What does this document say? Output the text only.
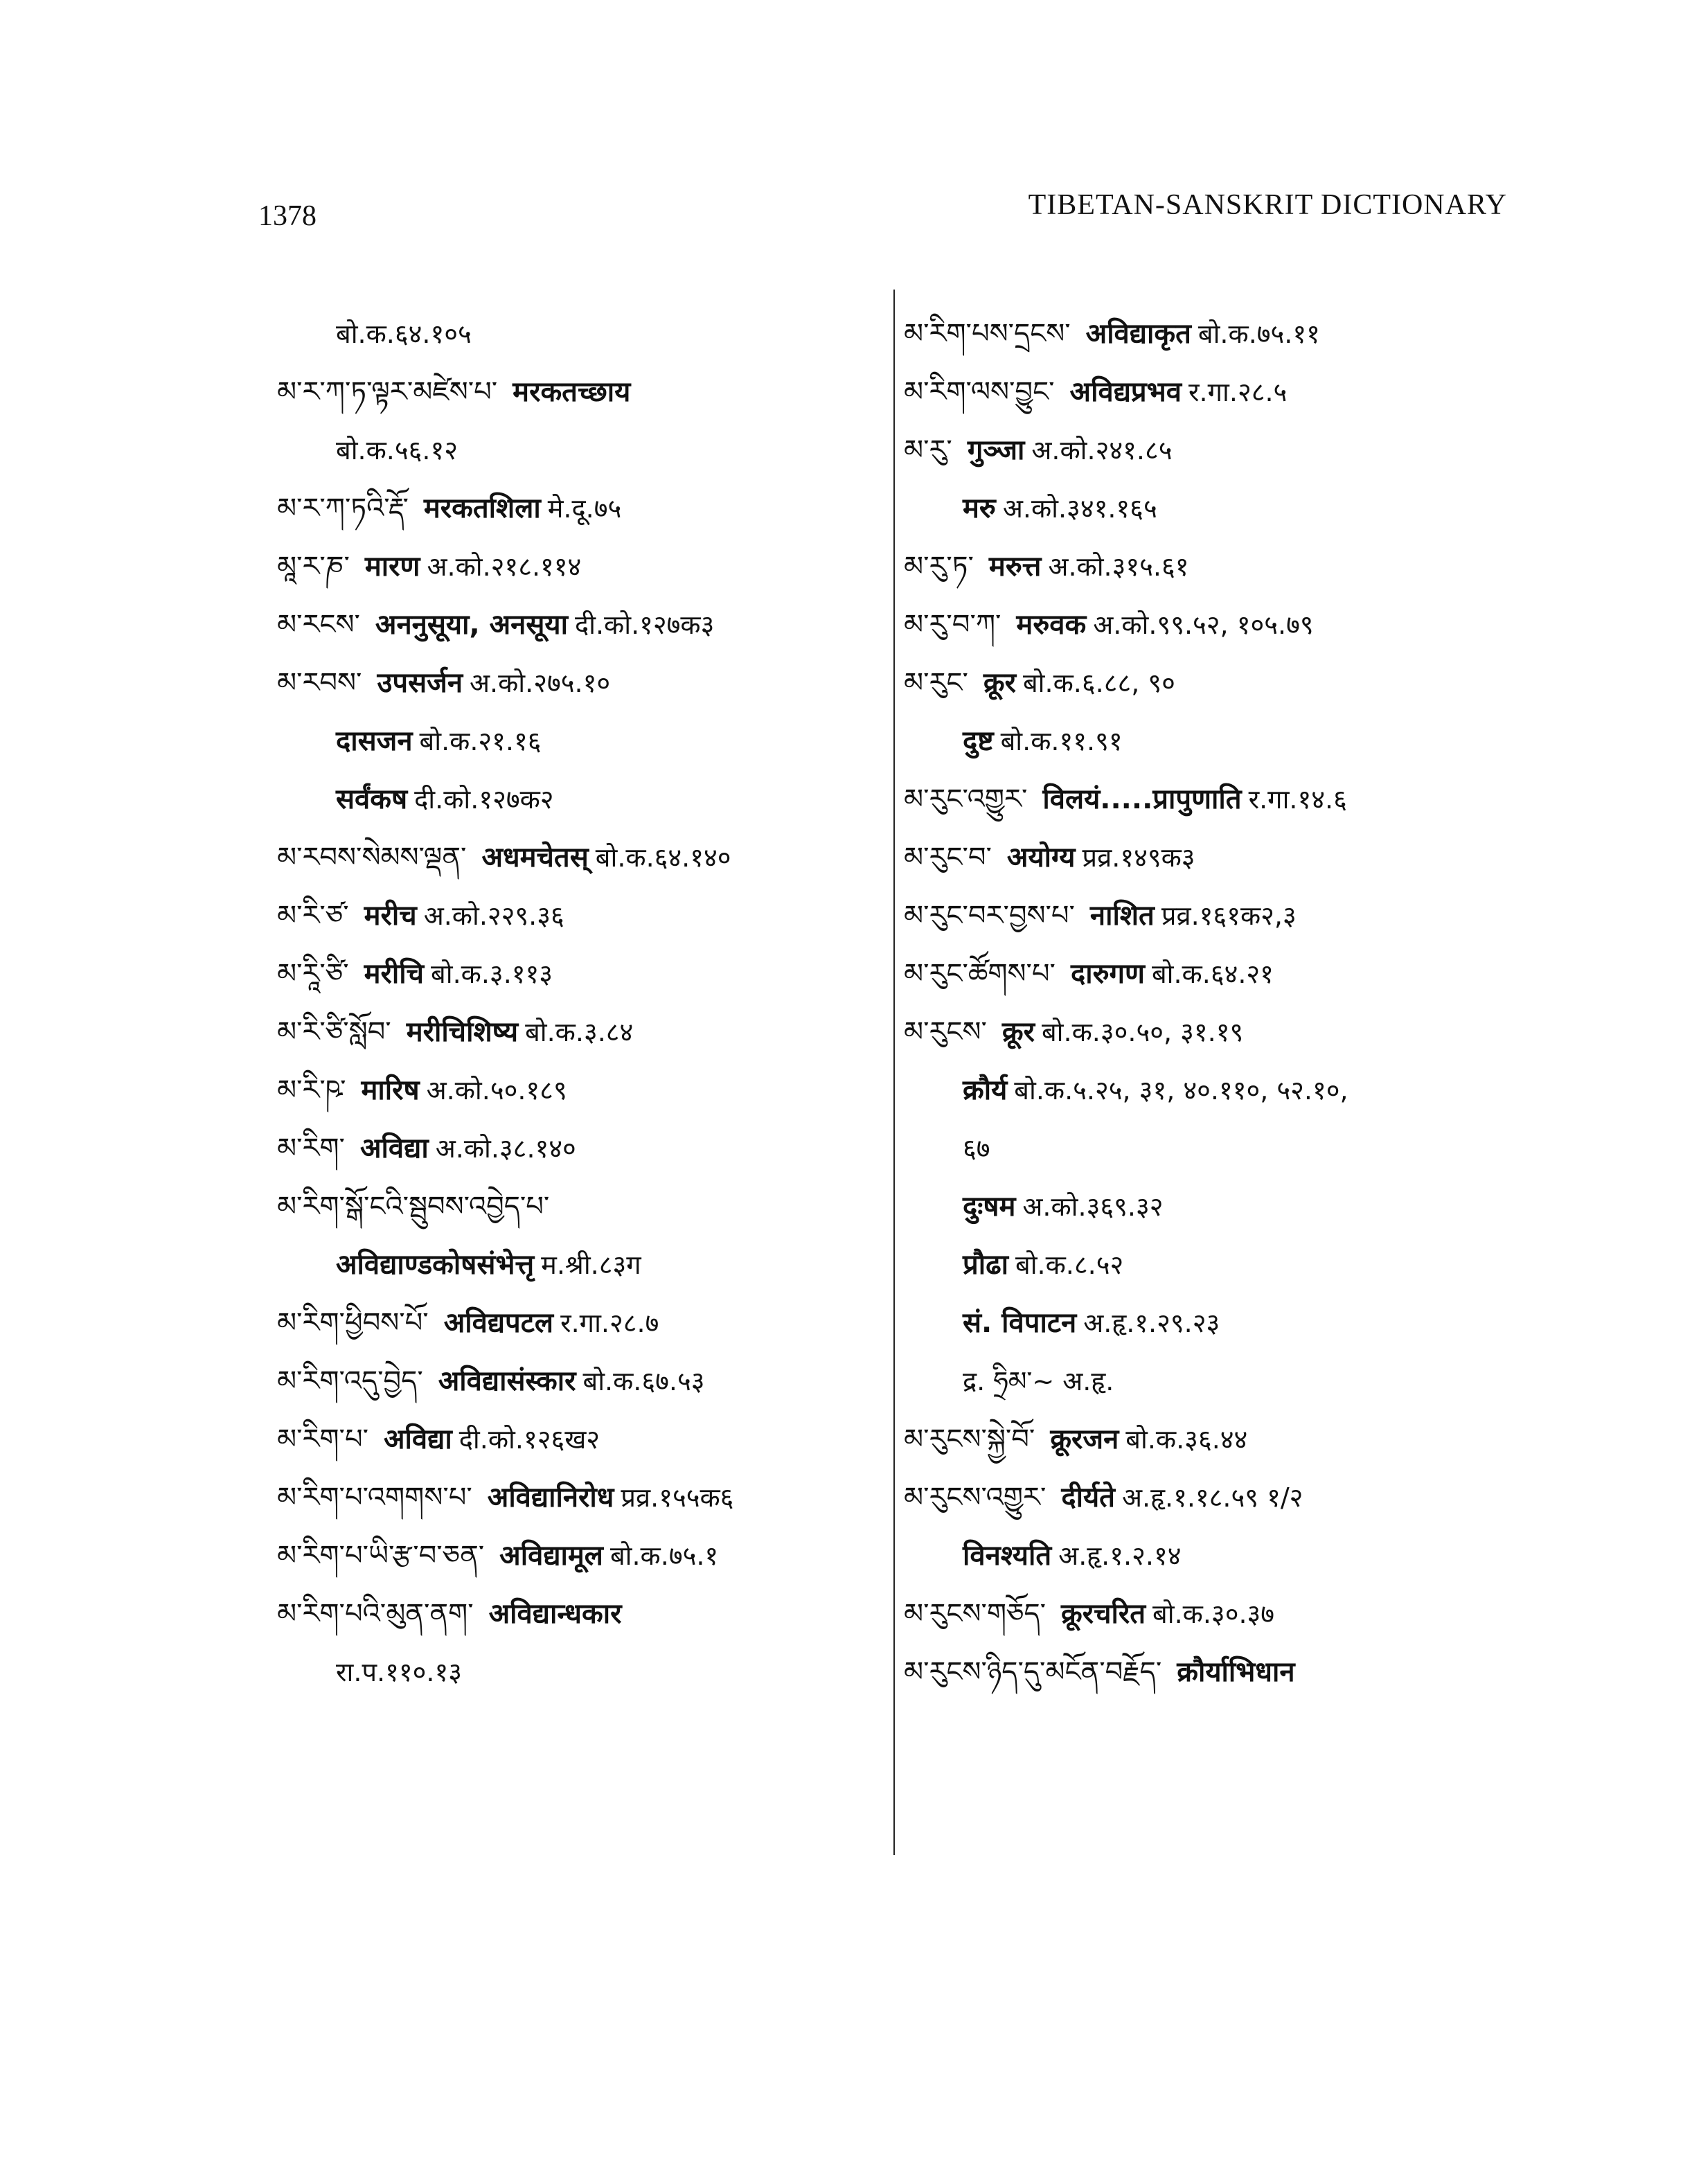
1378	TIBETAN-SANSKRIT DICTIONARY
बो.क.६४.१०५
མ་ར་ཀ་ཏ་ལྟར་མཛེས་པ་ मरकतच्छाय
बो.क.५६.१२
མ་ར་ཀ་ཏའི་རྡོ་ मरकतशिला मे.दू.७५
མཱ་ར་ཎ་ मारण अ.को.२१८.११४
མ་རངས་ अननुसूया, अनसूया दी.को.१२७क३
མ་རབས་ उपसर्जन अ.को.२७५.१०
दासजन बो.क.२१.१६
सर्वंकष दी.को.१२७क२
མ་རབས་སེམས་ལྡན་ अधमचेतस् बो.क.६४.१४०
མ་རི་ཙ་ मरीच अ.को.२२९.३६
མ་རཱི་ཙི་ मरीचि बो.क.३.११३
མ་རི་ཙི་སློབ་ मरीचिशिष्य बो.क.३.८४
མ་རི་ཥ་ मारिष अ.को.५०.१८९
མ་རིག་ अविद्या अ.को.३८.१४०
མ་རིག་སྒོ་ངའི་སྦུབས་འབྱེད་པ་
अविद्याण्डकोषसंभेत्तृ म.श्री.८३ग
མ་རིག་ཕྱིབས་པོ་ अविद्यपटल र.गा.२८.७
མ་རིག་འདུ་བྱེད་ अविद्यासंस्कार बो.क.६७.५३
མ་རིག་པ་ अविद्या दी.को.१२६ख२
མ་རིག་པ་འགགས་པ་ अविद्यानिरोध प्रव्र.१५५क६
མ་རིག་པ་ཡི་རྩ་བ་ཅན་ अविद्यामूल बो.क.७५.१
མ་རིག་པའི་མུན་ནག་ अविद्यान्धकार
रा.प.११०.१३
མ་རིག་པས་དྲངས་ अविद्याकृत बो.क.७५.११
མ་རིག་ལས་བྱུང་ अविद्यप्रभव र.गा.२८.५
མ་རུ་ गुञ्जा अ.को.२४१.८५
मरु अ.को.३४१.१६५
མ་རུ་ཏ་ मरुत्त अ.को.३१५.६१
མ་རུ་བ་ཀ་ मरुवक अ.को.९९.५२, १०५.७९
མ་རུང་ क्रूर बो.क.६.८८, ९०
दुष्ट बो.क.११.९१
མ་རུང་འགྱུར་ विलयं.....प्रापुणाति र.गा.१४.६
མ་རུང་བ་ अयोग्य प्रव्र.१४९क३
མ་རུང་བར་བྱས་པ་ नाशित प्रव्र.१६१क२,३
མ་རུང་ཚོགས་པ་ दारुगण बो.क.६४.२१
མ་རུངས་ क्रूर बो.क.३०.५०, ३१.१९
क्रौर्य बो.क.५.२५, ३१, ४०.११०, ५२.१०,
६७
दुःषम अ.को.३६९.३२
प्रौढा बो.क.८.५२
सं. विपाटन अ.हृ.१.२९.२३
द्र. ཧྲིམ་~ अ.हृ.
མ་རུངས་སྐྱེ་བོ་ क्रूरजन बो.क.३६.४४
མ་རུངས་འགྱུར་ दीर्यते अ.हृ.१.१८.५९ १/२
विनश्यति अ.हृ.१.२.१४
མ་རུངས་གཅོད་ क्रूरचरित बो.क.३०.३७
མ་རུངས་ཉིད་དུ་མངོན་བརྗོད་ क्रौर्याभिधान
